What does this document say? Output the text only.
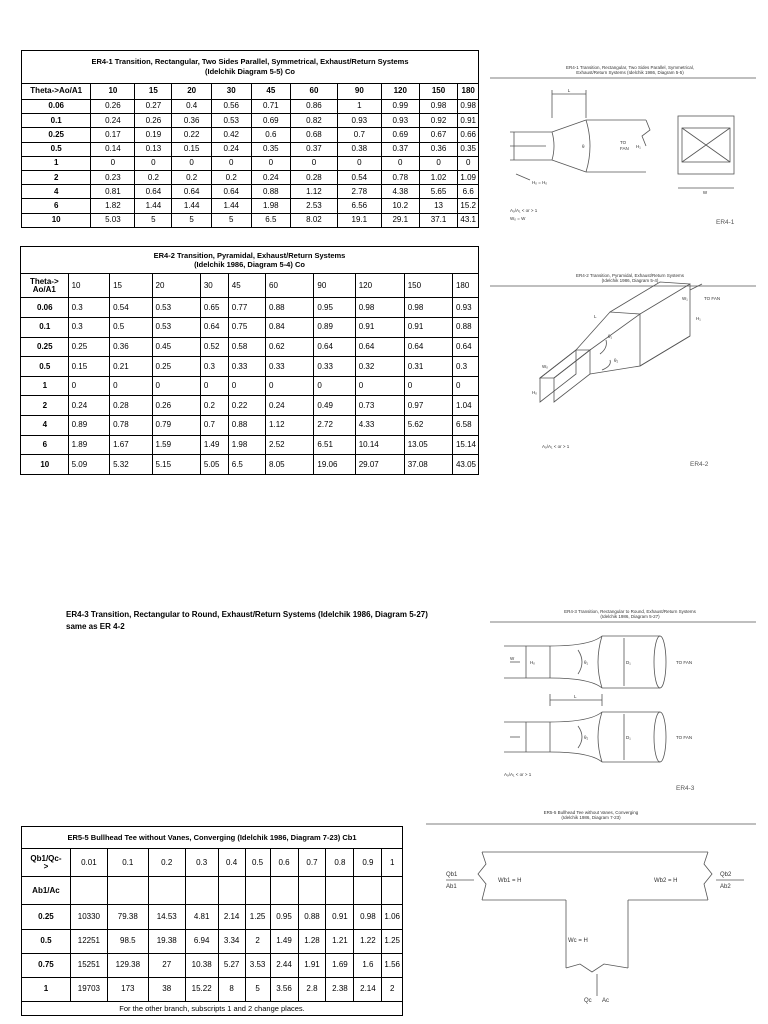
ER4-1 Transition, Rectangular, Two Sides Parallel, Symmetrical, Exhaust/Return Systems
(Idelchik Diagram 5-5) Co										
Theta->Ao/A1	10	15	20	30	45	60	90	120	150	180
0.06	0.26	0.27	0.4	0.56	0.71	0.86	1	0.99	0.98	0.98
0.1	0.24	0.26	0.36	0.53	0.69	0.82	0.93	0.93	0.92	0.91
0.25	0.17	0.19	0.22	0.42	0.6	0.68	0.7	0.69	0.67	0.66
0.5	0.14	0.13	0.15	0.24	0.35	0.37	0.38	0.37	0.36	0.35
1	0	0	0	0	0	0	0	0	0	0
2	0.23	0.2	0.2	0.2	0.24	0.28	0.54	0.78	1.02	1.09
4	0.81	0.64	0.64	0.64	0.88	1.12	2.78	4.38	5.65	6.6
6	1.82	1.44	1.44	1.44	1.98	2.53	6.56	10.2	13	15.2
10	5.03	5	5	5	6.5	8.02	19.1	29.1	37.1	43.1
ER4-2 Transition, Pyramidal, Exhaust/Return Systems
(Idelchik 1986, Diagram 5-4) Co										
Theta->
Ao/A1	10	15	20	30	45	60	90	120	150	180
0.06	0.3	0.54	0.53	0.65	0.77	0.88	0.95	0.98	0.98	0.93
0.1	0.3	0.5	0.53	0.64	0.75	0.84	0.89	0.91	0.91	0.88
0.25	0.25	0.36	0.45	0.52	0.58	0.62	0.64	0.64	0.64	0.64
0.5	0.15	0.21	0.25	0.3	0.33	0.33	0.33	0.32	0.31	0.3
1	0	0	0	0	0	0	0	0	0	0
2	0.24	0.28	0.26	0.2	0.22	0.24	0.49	0.73	0.97	1.04
4	0.89	0.78	0.79	0.7	0.88	1.12	2.72	4.33	5.62	6.58
6	1.89	1.67	1.59	1.49	1.98	2.52	6.51	10.14	13.05	15.14
10	5.09	5.32	5.15	5.05	6.5	8.05	19.06	29.07	37.08	43.05
ER4-3 Transition, Rectangular to Round, Exhaust/Return Systems (Idelchik 1986, Diagram 5-27)
same as ER 4-2
ER5-5 Bullhead Tee without Vanes, Converging (Idelchik 1986, Diagram 7-23) Cb1											
Qb1/Qc-
>	0.01	0.1	0.2	0.3	0.4	0.5	0.6	0.7	0.8	0.9	1
Ab1/Ac											
0.25	10330	79.38	14.53	4.81	2.14	1.25	0.95	0.88	0.91	0.98	1.06
0.5	12251	98.5	19.38	6.94	3.34	2	1.49	1.28	1.21	1.22	1.25
0.75	15251	129.38	27	10.38	5.27	3.53	2.44	1.91	1.69	1.6	1.56
1	19703	173	38	15.22	8	5	3.56	2.8	2.38	2.14	2
For the other branch, subscripts 1 and 2 change places.											
ER4-1 Transition, Rectangular, Two Sides Parallel, Symmetrical,
Exhaust/Return Systems (Idelchik 1986, Diagram 5-5)
L
θ
TO
FAN H₁
Hₒ = Hₒ
W
Aₒ/A₁ < or > 1
Wₒ = W
ER4-1
ER4-2 Transition, Pyramidal, Exhaust/Return Systems
(Idelchik 1986, Diagram 5-4)
TO FAN
W₁
H₁
L
θ₁
θ₂
Wₒ
Hₒ
Aₒ/A₁ < or > 1
ER4-2
ER4-3 Transition, Rectangular to Round, Exhaust/Return Systems
(Idelchik 1986, Diagram 5-27)
TO FAN
TO FAN
W
Hₒ	θ₁	D₁
L
θ₂	D₁
Aₒ/A₁ < or > 1
ER4-3
ER5-5 Bullhead Tee without Vanes, Converging
(Idelchik 1986, Diagram 7-23)
Qb1
Ab1
Qb2
Ab2
Wb1 = H	Wb2 = H
Wc = H
Qc Ac
